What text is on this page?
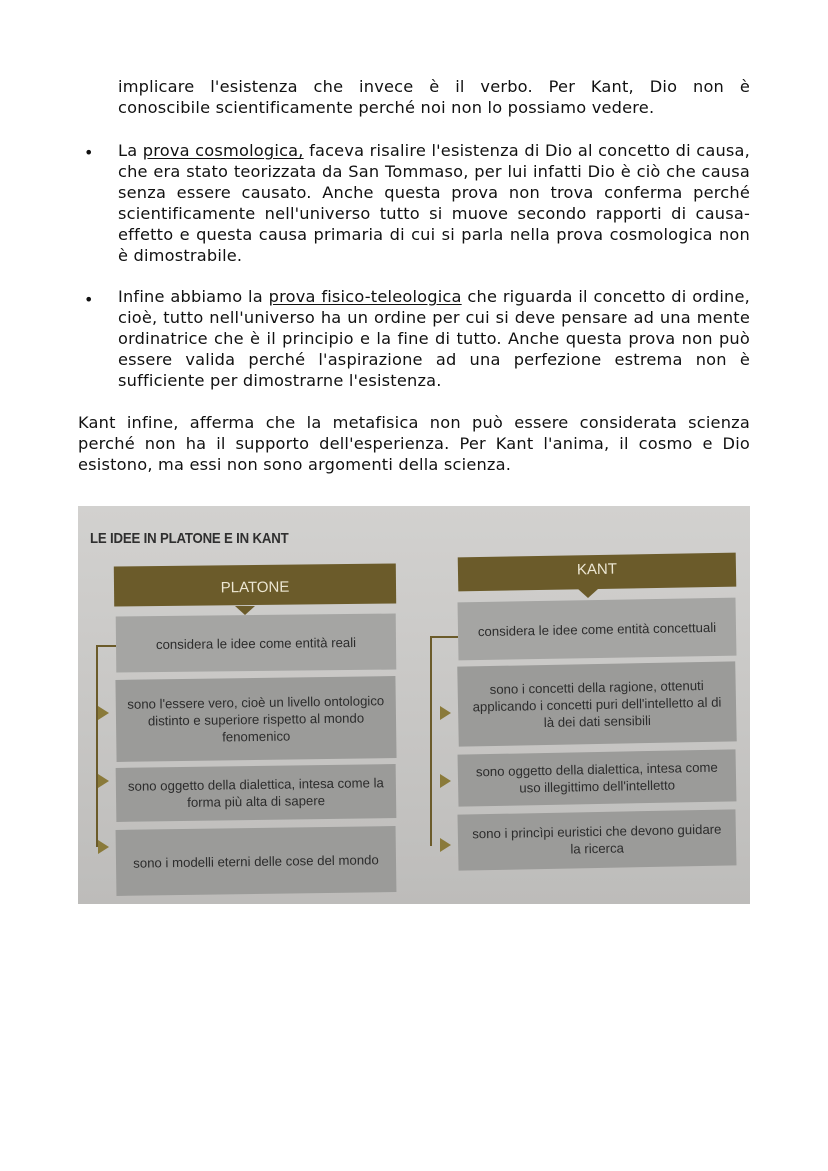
implicare l'esistenza che invece è il verbo. Per Kant, Dio non è
conoscibile scientificamente perché noi non lo possiamo vedere.
• La prova cosmologica, faceva risalire l'esistenza di Dio al concetto di causa, che era stato teorizzata da San Tommaso, per lui infatti Dio è ciò che causa senza essere causato. Anche questa prova non trova conferma perché scientificamente nell'universo tutto si muove secondo rapporti di causa-effetto e questa causa primaria di cui si parla nella prova cosmologica non è dimostrabile.
• Infine abbiamo la prova fisico-teleologica che riguarda il concetto di ordine, cioè, tutto nell'universo ha un ordine per cui si deve pensare ad una mente ordinatrice che è il principio e la fine di tutto. Anche questa prova non può essere valida perché l'aspirazione ad una perfezione estrema non è sufficiente per dimostrarne l'esistenza.
Kant infine, afferma che la metafisica non può essere considerata scienza perché non ha il supporto dell'esperienza. Per Kant l'anima, il cosmo e Dio esistono, ma essi non sono argomenti della scienza.
LE IDEE IN PLATONE E IN KANT
PLATONE
considera le idee come entità reali
sono l'essere vero, cioè un livello ontologico distinto e superiore rispetto al mondo fenomenico
sono oggetto della dialettica, intesa come la forma più alta di sapere
sono i modelli eterni delle cose del mondo
KANT
considera le idee come entità concettuali
sono i concetti della ragione, ottenuti applicando i concetti puri dell'intelletto al di là dei dati sensibili
sono oggetto della dialettica, intesa come uso illegittimo dell'intelletto
sono i princìpi euristici che devono guidare la ricerca
